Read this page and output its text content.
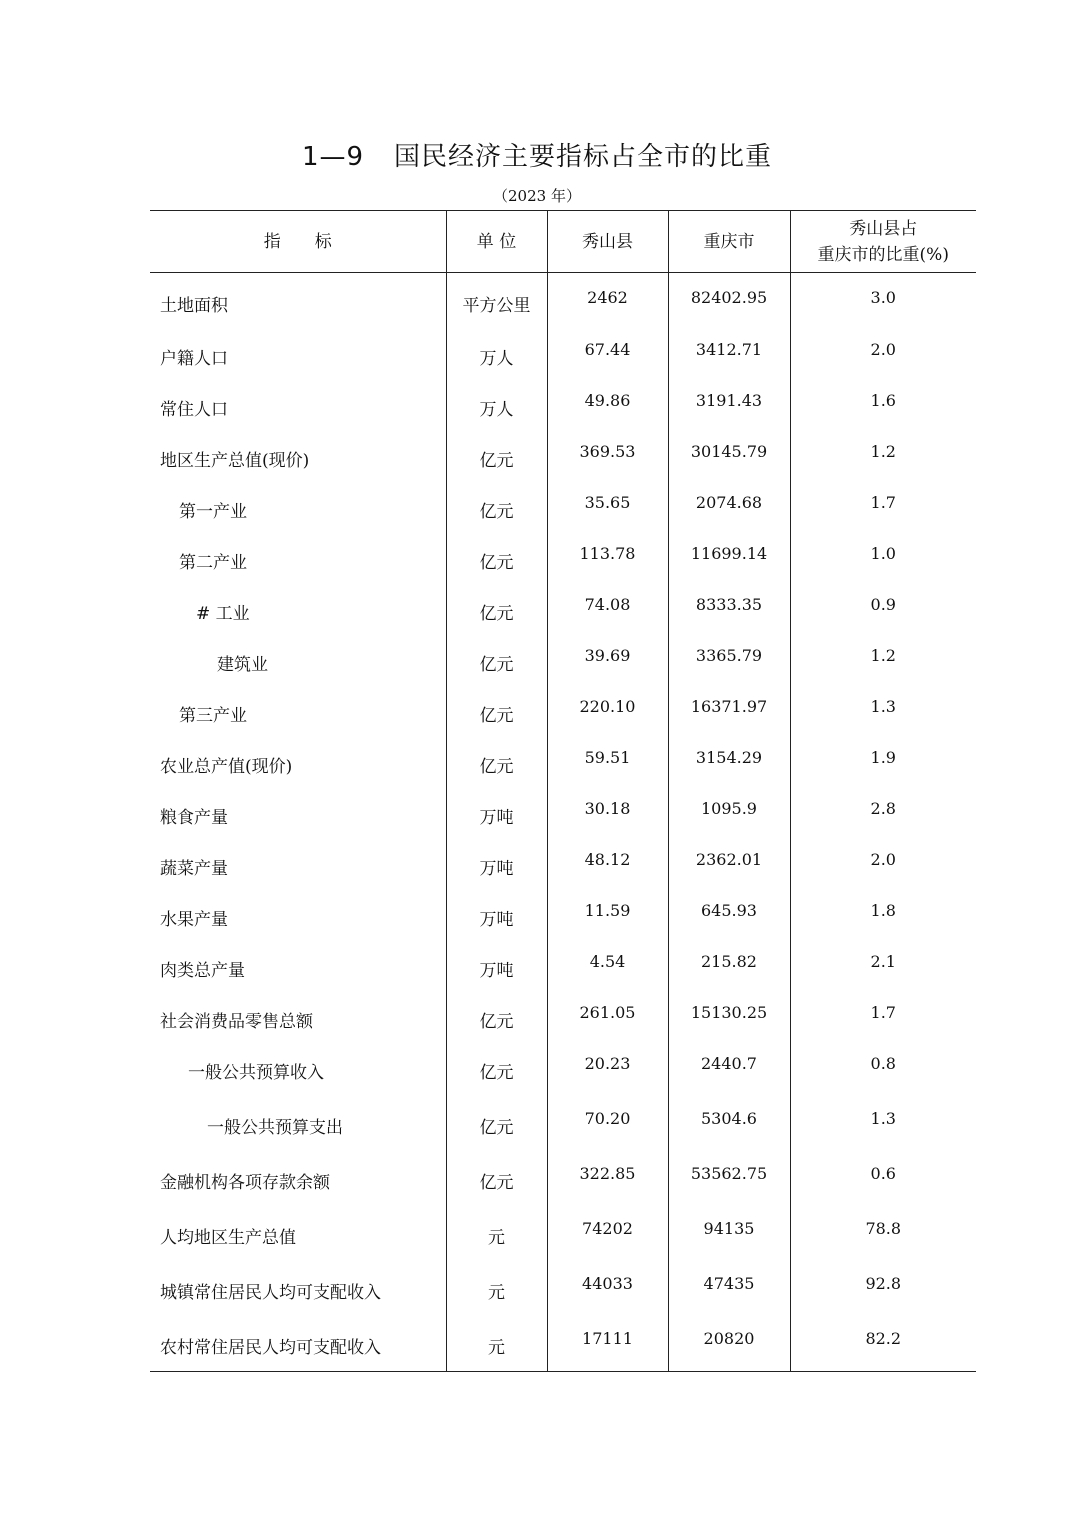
1—9 国民经济主要指标占全市的比重
（2023 年）
指　　标	单 位	秀山县	重庆市	秀山县占
重庆市的比重(%)

土地面积	平方公里	2462	82402.95	3.0
户籍人口	万人	67.44	3412.71	2.0
常住人口	万人	49.86	3191.43	1.6
地区生产总值(现价)	亿元	369.53	30145.79	1.2
第一产业	亿元	35.65	2074.68	1.7
第二产业	亿元	113.78	11699.14	1.0
# 工业	亿元	74.08	8333.35	0.9
建筑业	亿元	39.69	3365.79	1.2
第三产业	亿元	220.10	16371.97	1.3
农业总产值(现价)	亿元	59.51	3154.29	1.9
粮食产量	万吨	30.18	1095.9	2.8
蔬菜产量	万吨	48.12	2362.01	2.0
水果产量	万吨	11.59	645.93	1.8
肉类总产量	万吨	4.54	215.82	2.1
社会消费品零售总额	亿元	261.05	15130.25	1.7
一般公共预算收入	亿元	20.23	2440.7	0.8
一般公共预算支出	亿元	70.20	5304.6	1.3
金融机构各项存款余额	亿元	322.85	53562.75	0.6
人均地区生产总值	元	74202	94135	78.8
城镇常住居民人均可支配收入	元	44033	47435	92.8
农村常住居民人均可支配收入	元	17111	20820	82.2
